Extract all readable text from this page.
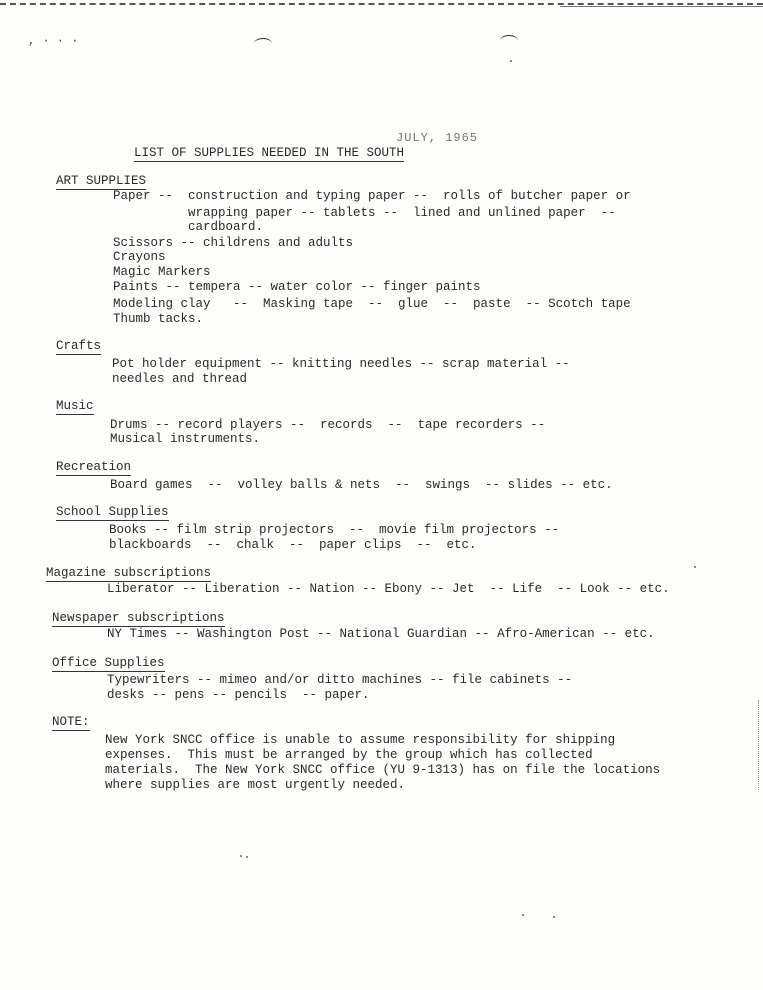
, · · ·
JULY, 1965
LIST OF SUPPLIES NEEDED IN THE SOUTH
ART SUPPLIES
Paper --  construction and typing paper --  rolls of butcher paper or
wrapping paper -- tablets --  lined and unlined paper  --
cardboard.
Scissors -- childrens and adults
Crayons
Magic Markers
Paints -- tempera -- water color -- finger paints
Modeling clay   --  Masking tape  --  glue  --  paste  -- Scotch tape
Thumb tacks.
Crafts
Pot holder equipment -- knitting needles -- scrap material --
needles and thread
Music
Drums -- record players --  records  --  tape recorders --
Musical instruments.
Recreation
Board games  --  volley balls & nets  --  swings  -- slides -- etc.
School Supplies
Books -- film strip projectors  --  movie film projectors --
blackboards  --  chalk  --  paper clips  --  etc.
Magazine subscriptions
Liberator -- Liberation -- Nation -- Ebony -- Jet  -- Life  -- Look -- etc.
Newspaper subscriptions
NY Times -- Washington Post -- National Guardian -- Afro-American -- etc.
Office Supplies
Typewriters -- mimeo and/or ditto machines -- file cabinets --
desks -- pens -- pencils  -- paper.
NOTE:
New York SNCC office is unable to assume responsibility for shipping
expenses.  This must be arranged by the group which has collected
materials.  The New York SNCC office (YU 9-1313) has on file the locations
where supplies are most urgently needed.
